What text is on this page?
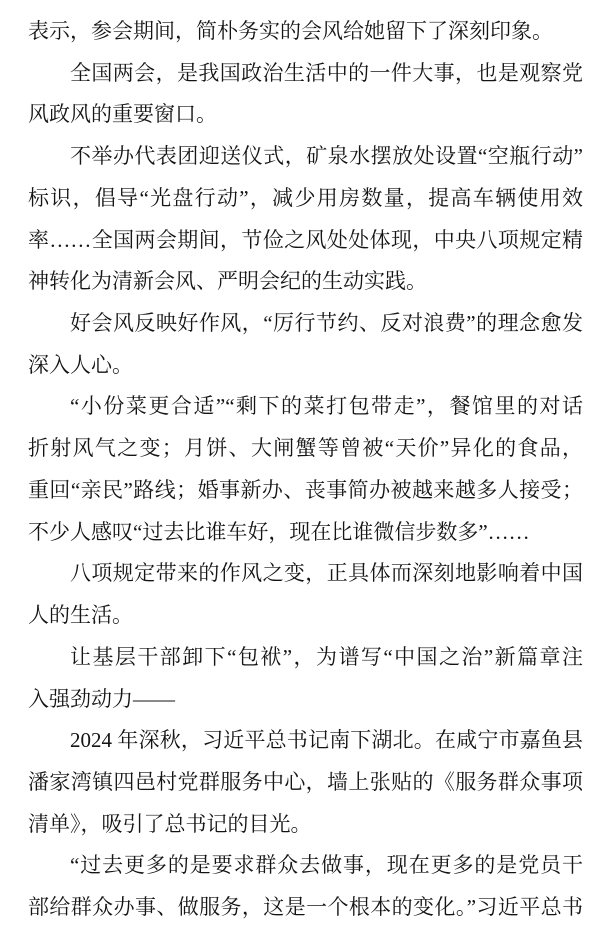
表示，参会期间，简朴务实的会风给她留下了深刻印象。
全国两会，是我国政治生活中的一件大事，也是观察党
风政风的重要窗口。
不举办代表团迎送仪式，矿泉水摆放处设置“空瓶行动”
标识，倡导“光盘行动”，减少用房数量，提高车辆使用效
率……全国两会期间，节俭之风处处体现，中央八项规定精
神转化为清新会风、严明会纪的生动实践。
好会风反映好作风，“厉行节约、反对浪费”的理念愈发
深入人心。
“小份菜更合适”“剩下的菜打包带走”，餐馆里的对话
折射风气之变；月饼、大闸蟹等曾被“天价”异化的食品，
重回“亲民”路线；婚事新办、丧事简办被越来越多人接受；
不少人感叹“过去比谁车好，现在比谁微信步数多”……
八项规定带来的作风之变，正具体而深刻地影响着中国
人的生活。
让基层干部卸下“包袱”，为谱写“中国之治”新篇章注
入强劲动力——
2024 年深秋，习近平总书记南下湖北。在咸宁市嘉鱼县
潘家湾镇四邑村党群服务中心，墙上张贴的《服务群众事项
清单》，吸引了总书记的目光。
“过去更多的是要求群众去做事，现在更多的是党员干
部给群众办事、做服务，这是一个根本的变化。”习近平总书
